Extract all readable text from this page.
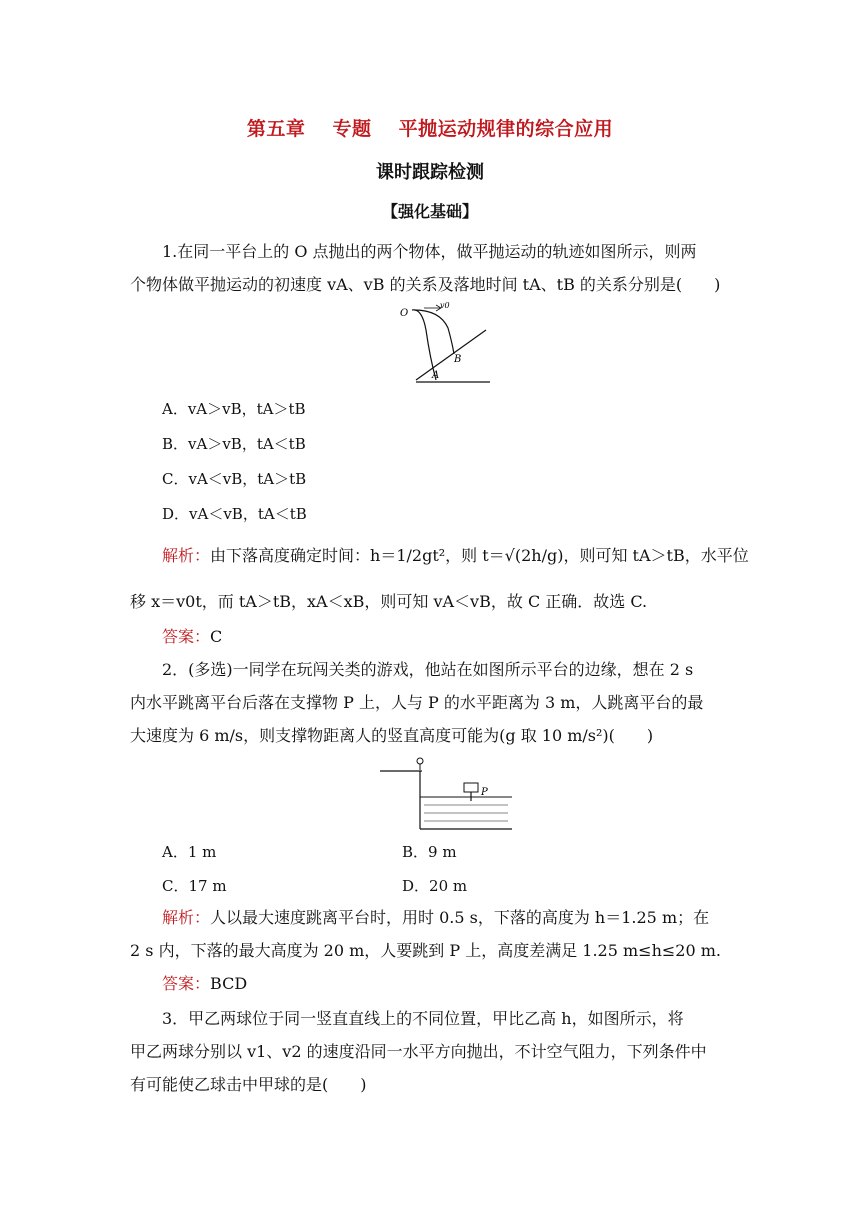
第五章 专题 平抛运动规律的综合应用
课时跟踪检测
【强化基础】
1.在同一平台上的 O 点抛出的两个物体，做平抛运动的轨迹如图所示，则两
个物体做平抛运动的初速度 vA、vB 的关系及落地时间 tA、tB 的关系分别是(　　)
O
v0
B
A
A．vA＞vB，tA＞tB
B．vA＞vB，tA＜tB
C．vA＜vB，tA＞tB
D．vA＜vB，tA＜tB
解析：由下落高度确定时间：h＝1/2gt²，则 t＝√(2h/g)，则可知 tA＞tB，水平位
移 x＝v0t，而 tA＞tB，xA＜xB，则可知 vA＜vB，故 C 正确．故选 C.
答案：C
2．(多选)一同学在玩闯关类的游戏，他站在如图所示平台的边缘，想在 2 s
内水平跳离平台后落在支撑物 P 上，人与 P 的水平距离为 3 m，人跳离平台的最
大速度为 6 m/s，则支撑物距离人的竖直高度可能为(g 取 10 m/s²)(　　)
P
A．1 m	B．9 m
C．17 m	D．20 m
解析：人以最大速度跳离平台时，用时 0.5 s，下落的高度为 h＝1.25 m；在
2 s 内，下落的最大高度为 20 m，人要跳到 P 上，高度差满足 1.25 m≤h≤20 m.
答案：BCD
3．甲乙两球位于同一竖直直线上的不同位置，甲比乙高 h，如图所示，将
甲乙两球分别以 v1、v2 的速度沿同一水平方向抛出，不计空气阻力，下列条件中
有可能使乙球击中甲球的是(　　)
